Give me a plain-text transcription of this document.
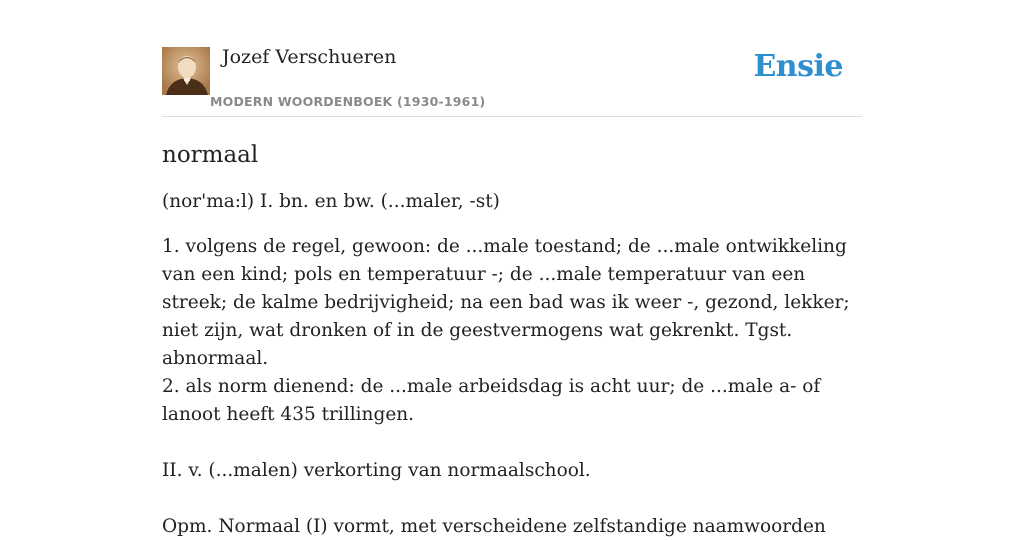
Jozef Verschueren
MODERN WOORDENBOEK (1930-1961)
Ensie
normaal

(nor'ma:l) I. bn. en bw. (...maler, -st)

1. volgens de regel, gewoon: de ...male toestand; de ...male ontwikkeling van een kind; pols en temperatuur -; de ...male temperatuur van een streek; de kalme bedrijvigheid; na een bad was ik weer -, gezond, lekker; niet zijn, wat dronken of in de geestvermogens wat gekrenkt. Tgst. abnormaal.
2. als norm dienend: de ...male arbeidsdag is acht uur; de ...male a- of lanoot heeft 435 trillingen.

II. v. (...malen) verkorting van normaalschool.

Opm. Normaal (I) vormt, met verscheidene zelfstandige naamwoorden
